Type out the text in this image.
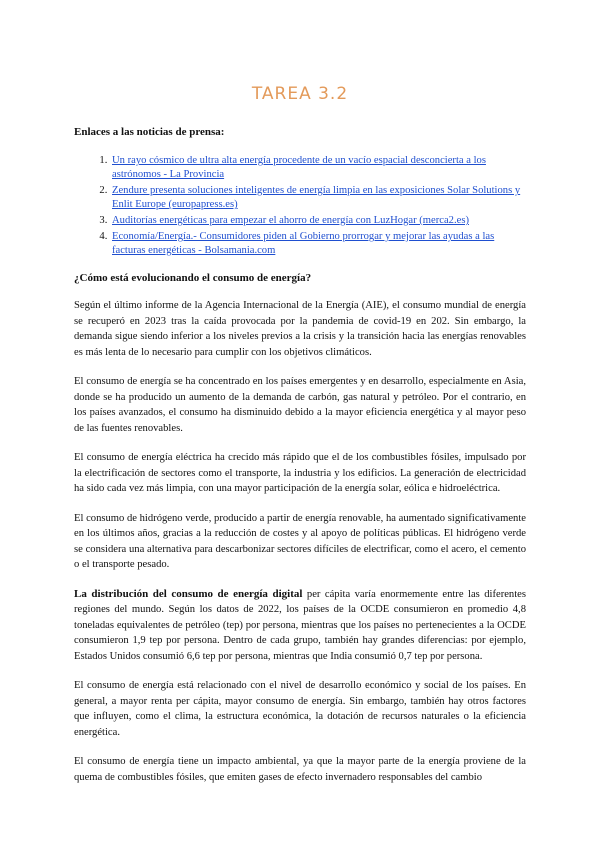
TAREA 3.2
Enlaces a las noticias de prensa:
1. Un rayo cósmico de ultra alta energía procedente de un vacío espacial desconcierta a los astrónomos - La Provincia
2. Zendure presenta soluciones inteligentes de energía limpia en las exposiciones Solar Solutions y Enlit Europe (europapress.es)
3. Auditorías energéticas para empezar el ahorro de energía con LuzHogar (merca2.es)
4. Economía/Energía.- Consumidores piden al Gobierno prorrogar y mejorar las ayudas a las facturas energéticas - Bolsamania.com
¿Cómo está evolucionando el consumo de energía?

Según el último informe de la Agencia Internacional de la Energía (AIE), el consumo mundial de energía se recuperó en 2023 tras la caída provocada por la pandemia de covid-19 en 202. Sin embargo, la demanda sigue siendo inferior a los niveles previos a la crisis y la transición hacia las energías renovables es más lenta de lo necesario para cumplir con los objetivos climáticos.

El consumo de energía se ha concentrado en los países emergentes y en desarrollo, especialmente en Asia, donde se ha producido un aumento de la demanda de carbón, gas natural y petróleo. Por el contrario, en los países avanzados, el consumo ha disminuido debido a la mayor eficiencia energética y al mayor peso de las fuentes renovables.

El consumo de energía eléctrica ha crecido más rápido que el de los combustibles fósiles, impulsado por la electrificación de sectores como el transporte, la industria y los edificios. La generación de electricidad ha sido cada vez más limpia, con una mayor participación de la energía solar, eólica e hidroeléctrica.

El consumo de hidrógeno verde, producido a partir de energía renovable, ha aumentado significativamente en los últimos años, gracias a la reducción de costes y al apoyo de políticas públicas. El hidrógeno verde se considera una alternativa para descarbonizar sectores difíciles de electrificar, como el acero, el cemento o el transporte pesado.

La distribución del consumo de energía digital per cápita varía enormemente entre las diferentes regiones del mundo. Según los datos de 2022, los países de la OCDE consumieron en promedio 4,8 toneladas equivalentes de petróleo (tep) por persona, mientras que los países no pertenecientes a la OCDE consumieron 1,9 tep por persona. Dentro de cada grupo, también hay grandes diferencias: por ejemplo, Estados Unidos consumió 6,6 tep por persona, mientras que India consumió 0,7 tep por persona.

El consumo de energía está relacionado con el nivel de desarrollo económico y social de los países. En general, a mayor renta per cápita, mayor consumo de energía. Sin embargo, también hay otros factores que influyen, como el clima, la estructura económica, la dotación de recursos naturales o la eficiencia energética.

El consumo de energía tiene un impacto ambiental, ya que la mayor parte de la energía proviene de la quema de combustibles fósiles, que emiten gases de efecto invernadero responsables del cambio
